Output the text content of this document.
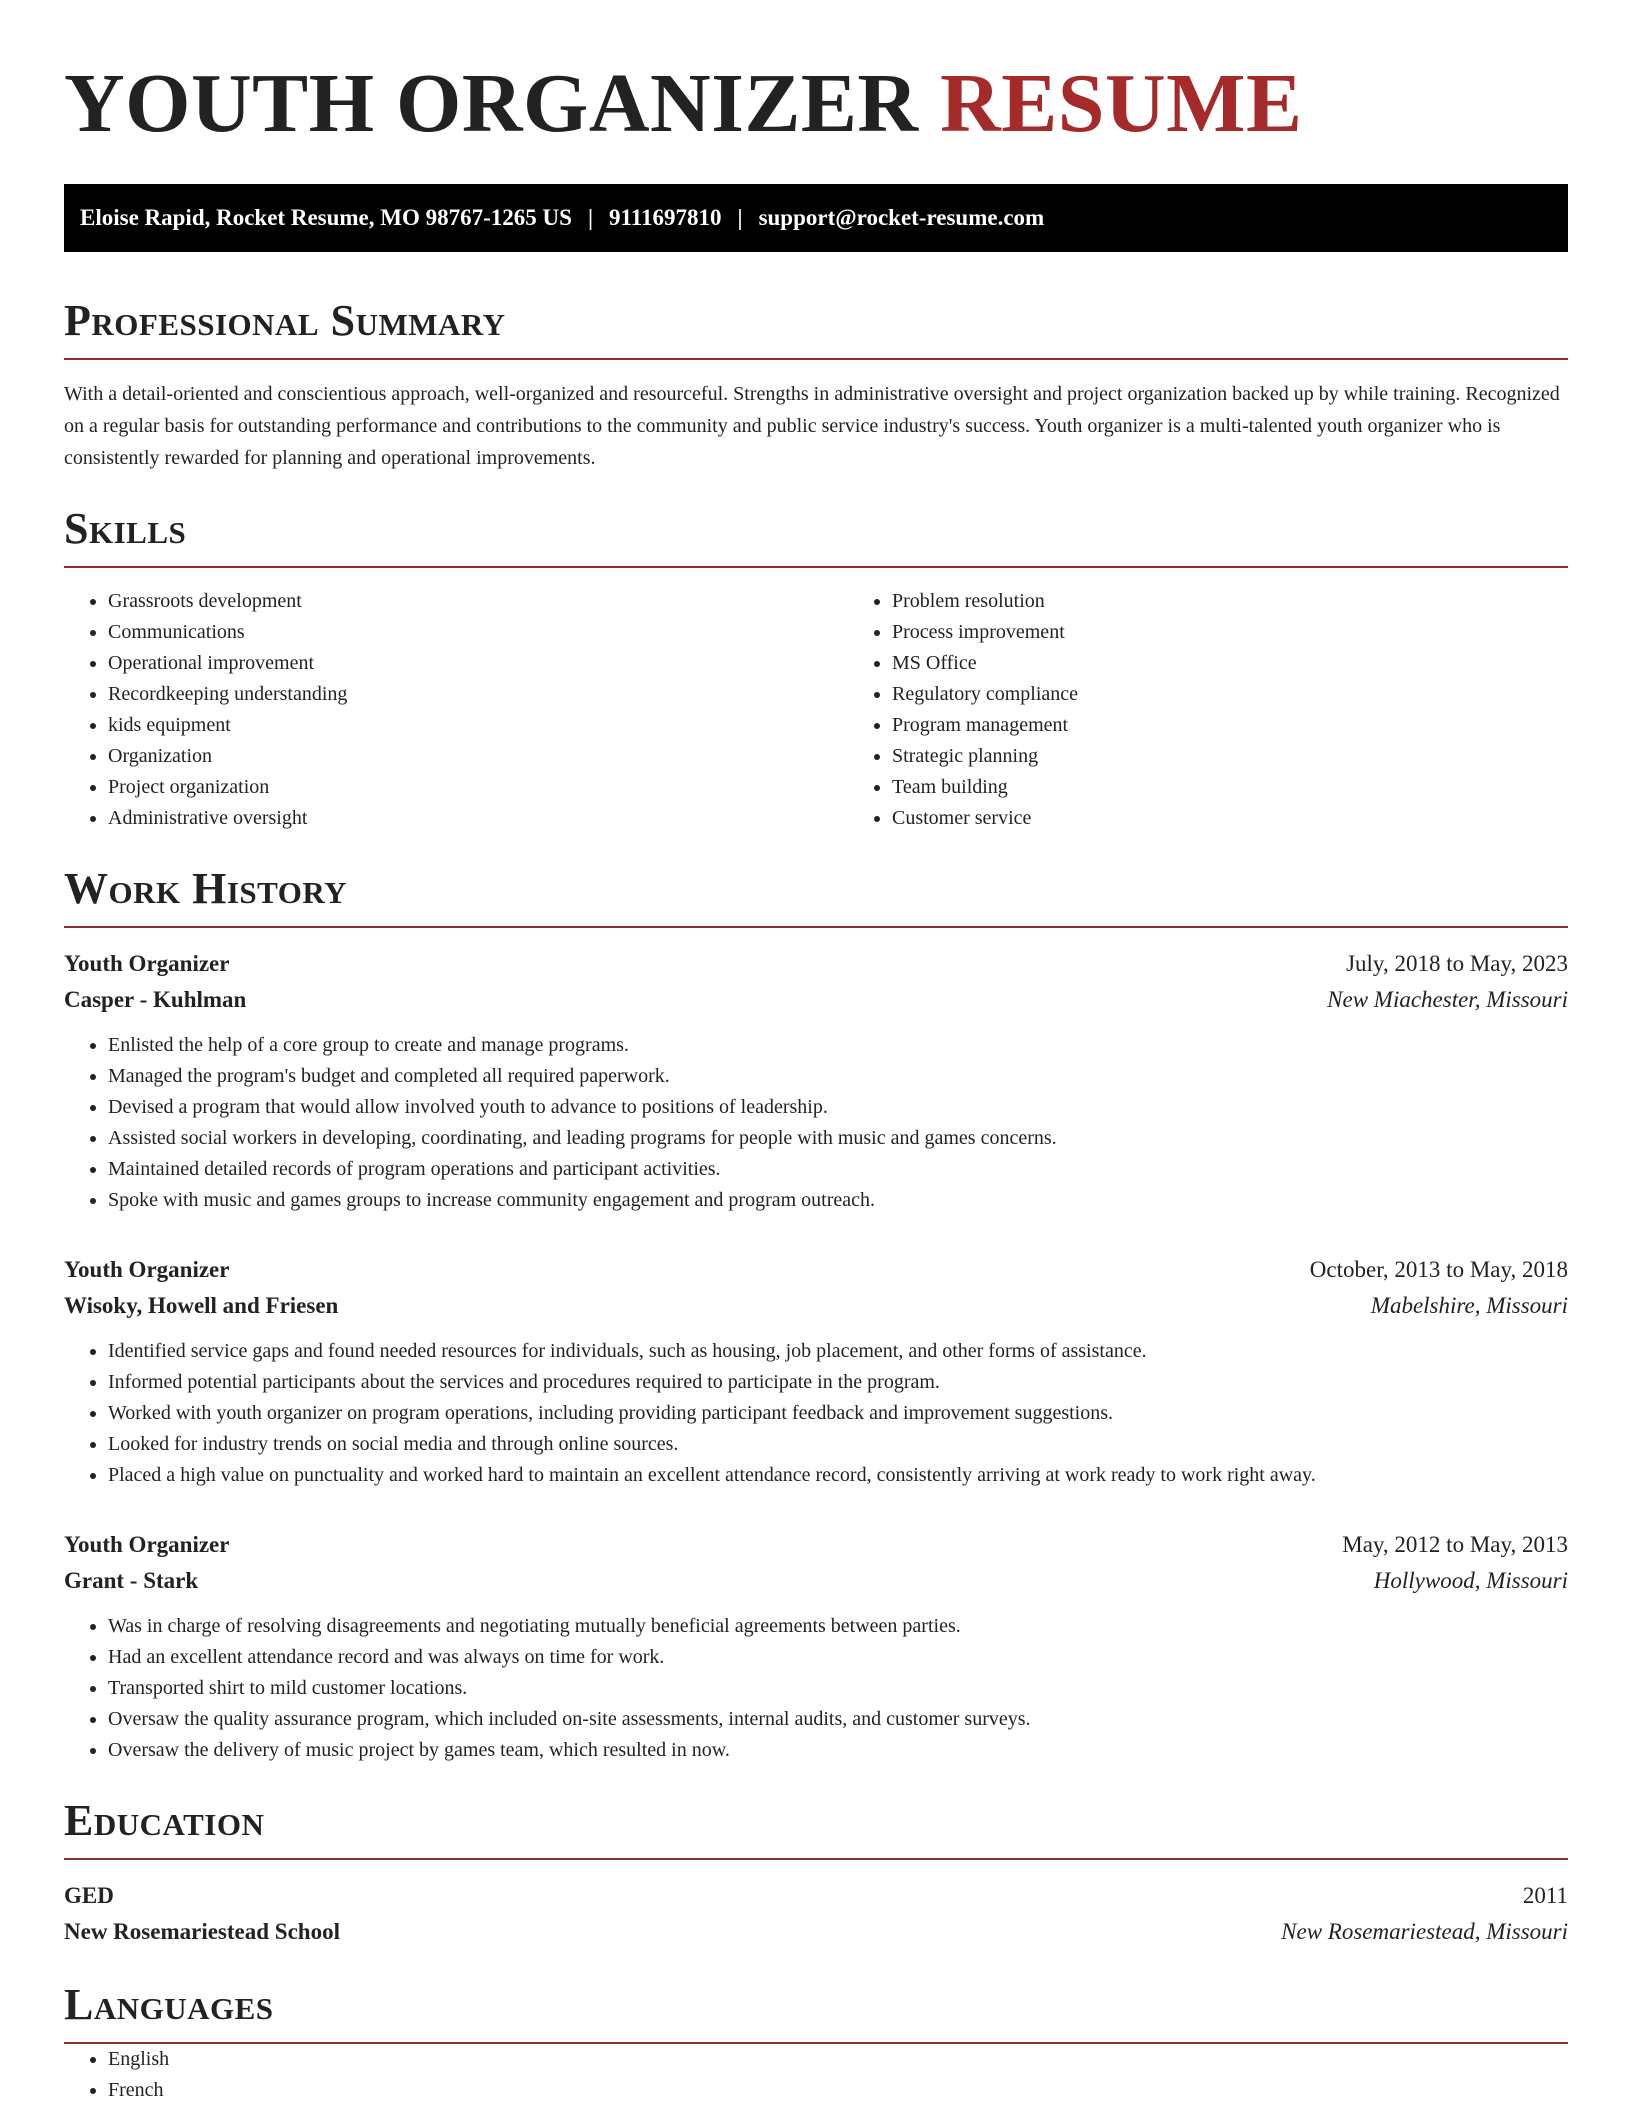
YOUTH ORGANIZER RESUME
Eloise Rapid, Rocket Resume, MO 98767-1265 US | 9111697810 | support@rocket-resume.com
Professional Summary

With a detail-oriented and conscientious approach, well-organized and resourceful. Strengths in administrative oversight and project organization backed up by while training. Recognized on a regular basis for outstanding performance and contributions to the community and public service industry's success. Youth organizer is a multi-talented youth organizer who is consistently rewarded for planning and operational improvements.

Skills
• Grassroots development
• Communications
• Operational improvement
• Recordkeeping understanding
• kids equipment
• Organization
• Project organization
• Administrative oversight
• Problem resolution
• Process improvement
• MS Office
• Regulatory compliance
• Program management
• Strategic planning
• Team building
• Customer service
Work History
Youth Organizer	July, 2018 to May, 2023
Casper - Kuhlman	New Miachester, Missouri
• Enlisted the help of a core group to create and manage programs.
• Managed the program's budget and completed all required paperwork.
• Devised a program that would allow involved youth to advance to positions of leadership.
• Assisted social workers in developing, coordinating, and leading programs for people with music and games concerns.
• Maintained detailed records of program operations and participant activities.
• Spoke with music and games groups to increase community engagement and program outreach.
Youth Organizer	October, 2013 to May, 2018
Wisoky, Howell and Friesen	Mabelshire, Missouri
• Identified service gaps and found needed resources for individuals, such as housing, job placement, and other forms of assistance.
• Informed potential participants about the services and procedures required to participate in the program.
• Worked with youth organizer on program operations, including providing participant feedback and improvement suggestions.
• Looked for industry trends on social media and through online sources.
• Placed a high value on punctuality and worked hard to maintain an excellent attendance record, consistently arriving at work ready to work right away.
Youth Organizer	May, 2012 to May, 2013
Grant - Stark	Hollywood, Missouri
• Was in charge of resolving disagreements and negotiating mutually beneficial agreements between parties.
• Had an excellent attendance record and was always on time for work.
• Transported shirt to mild customer locations.
• Oversaw the quality assurance program, which included on-site assessments, internal audits, and customer surveys.
• Oversaw the delivery of music project by games team, which resulted in now.
Education
GED	2011
New Rosemariestead School	New Rosemariestead, Missouri
Languages
• English
• French
